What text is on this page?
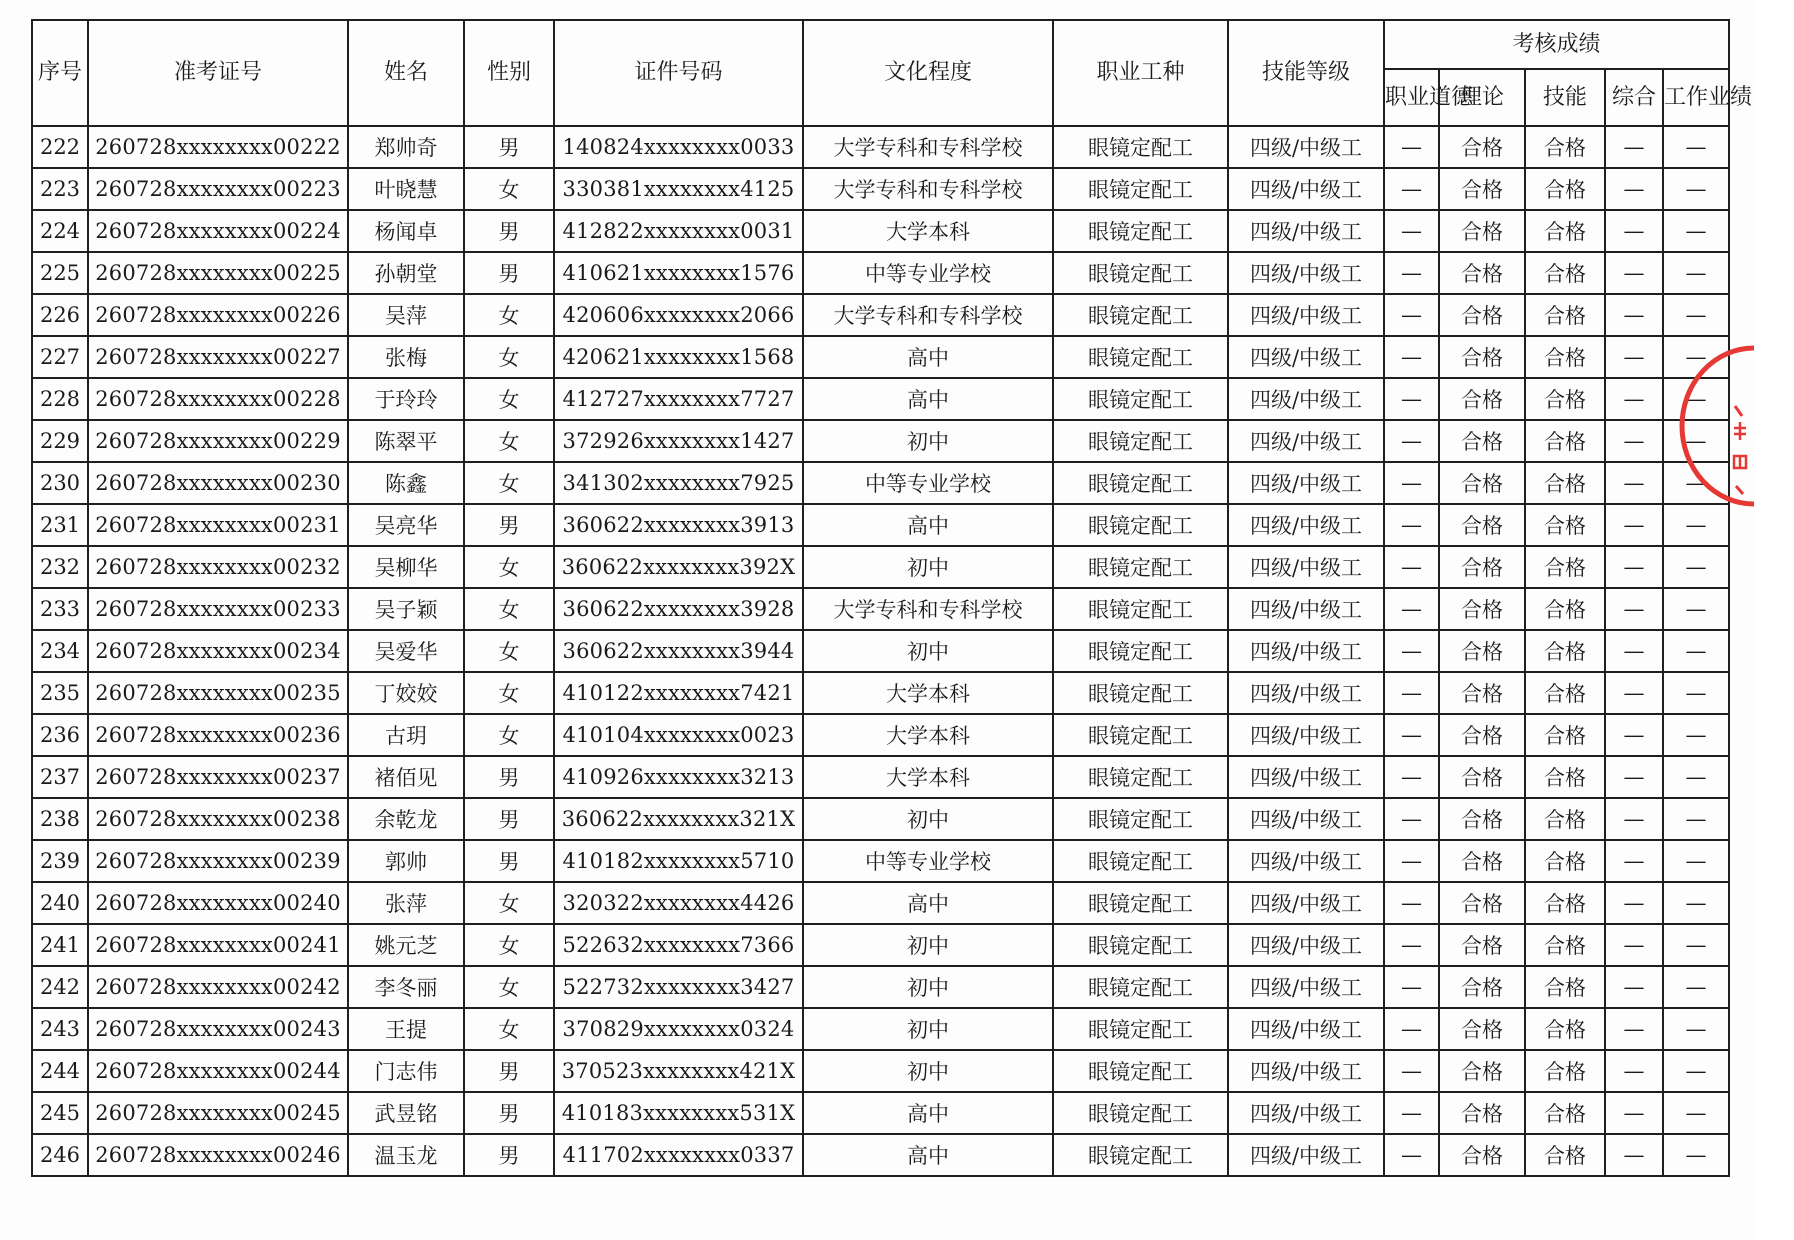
序号	准考证号	姓名	性别	证件号码	文化程度	职业工种	技能等级	考核成绩				
								职业道德	理论	技能	综合	工作业绩
222	260728xxxxxxxx00222	郑帅奇	男	140824xxxxxxxx0033	大学专科和专科学校	眼镜定配工	四级/中级工	—	合格	合格	—	—
223	260728xxxxxxxx00223	叶晓慧	女	330381xxxxxxxx4125	大学专科和专科学校	眼镜定配工	四级/中级工	—	合格	合格	—	—
224	260728xxxxxxxx00224	杨闻卓	男	412822xxxxxxxx0031	大学本科	眼镜定配工	四级/中级工	—	合格	合格	—	—
225	260728xxxxxxxx00225	孙朝堂	男	410621xxxxxxxx1576	中等专业学校	眼镜定配工	四级/中级工	—	合格	合格	—	—
226	260728xxxxxxxx00226	吴萍	女	420606xxxxxxxx2066	大学专科和专科学校	眼镜定配工	四级/中级工	—	合格	合格	—	—
227	260728xxxxxxxx00227	张梅	女	420621xxxxxxxx1568	高中	眼镜定配工	四级/中级工	—	合格	合格	—	—
228	260728xxxxxxxx00228	于玲玲	女	412727xxxxxxxx7727	高中	眼镜定配工	四级/中级工	—	合格	合格	—	—
229	260728xxxxxxxx00229	陈翠平	女	372926xxxxxxxx1427	初中	眼镜定配工	四级/中级工	—	合格	合格	—	—
230	260728xxxxxxxx00230	陈鑫	女	341302xxxxxxxx7925	中等专业学校	眼镜定配工	四级/中级工	—	合格	合格	—	—
231	260728xxxxxxxx00231	吴亮华	男	360622xxxxxxxx3913	高中	眼镜定配工	四级/中级工	—	合格	合格	—	—
232	260728xxxxxxxx00232	吴柳华	女	360622xxxxxxxx392X	初中	眼镜定配工	四级/中级工	—	合格	合格	—	—
233	260728xxxxxxxx00233	吴子颖	女	360622xxxxxxxx3928	大学专科和专科学校	眼镜定配工	四级/中级工	—	合格	合格	—	—
234	260728xxxxxxxx00234	吴爱华	女	360622xxxxxxxx3944	初中	眼镜定配工	四级/中级工	—	合格	合格	—	—
235	260728xxxxxxxx00235	丁姣姣	女	410122xxxxxxxx7421	大学本科	眼镜定配工	四级/中级工	—	合格	合格	—	—
236	260728xxxxxxxx00236	古玥	女	410104xxxxxxxx0023	大学本科	眼镜定配工	四级/中级工	—	合格	合格	—	—
237	260728xxxxxxxx00237	褚佰见	男	410926xxxxxxxx3213	大学本科	眼镜定配工	四级/中级工	—	合格	合格	—	—
238	260728xxxxxxxx00238	余乾龙	男	360622xxxxxxxx321X	初中	眼镜定配工	四级/中级工	—	合格	合格	—	—
239	260728xxxxxxxx00239	郭帅	男	410182xxxxxxxx5710	中等专业学校	眼镜定配工	四级/中级工	—	合格	合格	—	—
240	260728xxxxxxxx00240	张萍	女	320322xxxxxxxx4426	高中	眼镜定配工	四级/中级工	—	合格	合格	—	—
241	260728xxxxxxxx00241	姚元芝	女	522632xxxxxxxx7366	初中	眼镜定配工	四级/中级工	—	合格	合格	—	—
242	260728xxxxxxxx00242	李冬丽	女	522732xxxxxxxx3427	初中	眼镜定配工	四级/中级工	—	合格	合格	—	—
243	260728xxxxxxxx00243	王提	女	370829xxxxxxxx0324	初中	眼镜定配工	四级/中级工	—	合格	合格	—	—
244	260728xxxxxxxx00244	门志伟	男	370523xxxxxxxx421X	初中	眼镜定配工	四级/中级工	—	合格	合格	—	—
245	260728xxxxxxxx00245	武昱铭	男	410183xxxxxxxx531X	高中	眼镜定配工	四级/中级工	—	合格	合格	—	—
246	260728xxxxxxxx00246	温玉龙	男	411702xxxxxxxx0337	高中	眼镜定配工	四级/中级工	—	合格	合格	—	—
